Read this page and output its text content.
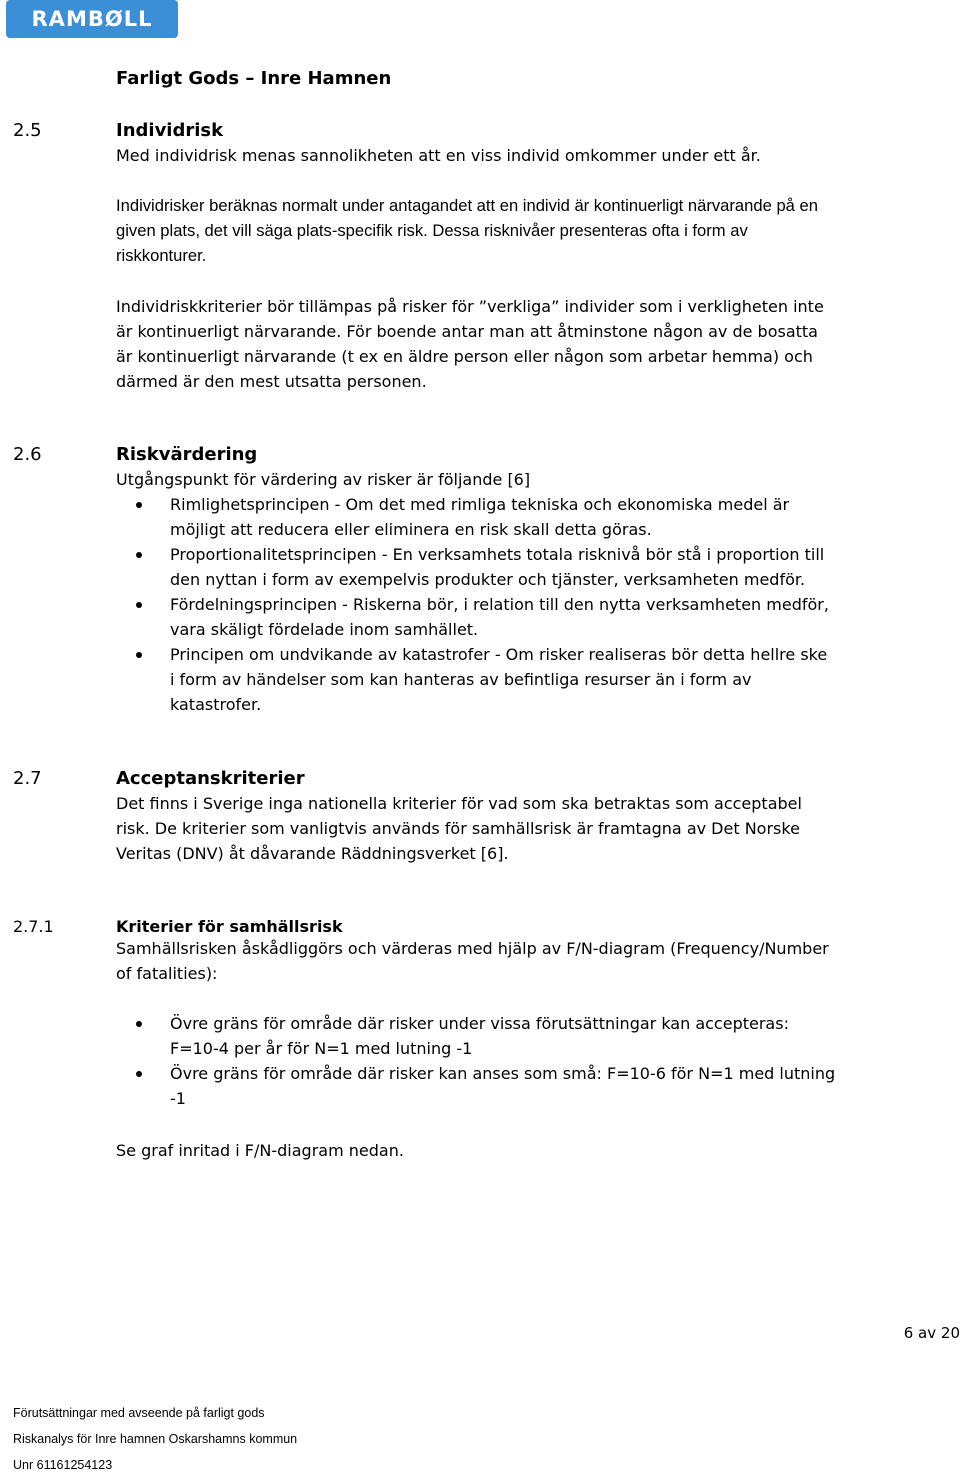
RAMBØLL
Farligt Gods – Inre Hamnen
2.5	Individrisk

Med individrisk menas sannolikheten att en viss individ omkommer under ett år.

Individrisker beräknas normalt under antagandet att en individ är kontinuerligt närvarande på en given plats, det vill säga plats-specifik risk. Dessa risknivåer presenteras ofta i form av riskkonturer.

Individriskkriterier bör tillämpas på risker för ”verkliga” individer som i verkligheten inte är kontinuerligt närvarande. För boende antar man att åtminstone någon av de bosatta är kontinuerligt närvarande (t ex en äldre person eller någon som arbetar hemma) och därmed är den mest utsatta personen.

2.6	Riskvärdering

Utgångspunkt för värdering av risker är följande [6]

Rimlighetsprincipen - Om det med rimliga tekniska och ekonomiska medel är möjligt att reducera eller eliminera en risk skall detta göras.
Proportionalitetsprincipen - En verksamhets totala risknivå bör stå i proportion till den nyttan i form av exempelvis produkter och tjänster, verksamheten medför.
Fördelningsprincipen - Riskerna bör, i relation till den nytta verksamheten medför, vara skäligt fördelade inom samhället.
Principen om undvikande av katastrofer - Om risker realiseras bör detta hellre ske i form av händelser som kan hanteras av befintliga resurser än i form av katastrofer.
2.7	Acceptanskriterier

Det finns i Sverige inga nationella kriterier för vad som ska betraktas som acceptabel risk. De kriterier som vanligtvis används för samhällsrisk är framtagna av Det Norske Veritas (DNV) åt dåvarande Räddningsverket [6].

2.7.1	Kriterier för samhällsrisk

Samhällsrisken åskådliggörs och värderas med hjälp av F/N-diagram (Frequency/Number of fatalities):

Övre gräns för område där risker under vissa förutsättningar kan accepteras: F=10-4 per år för N=1 med lutning -1
Övre gräns för område där risker kan anses som små: F=10-6 för N=1 med lutning -1

Se graf inritad i F/N-diagram nedan.

6 av 20
Förutsättningar med avseende på farligt gods
Riskanalys för Inre hamnen Oskarshamns kommun
Unr 61161254123
